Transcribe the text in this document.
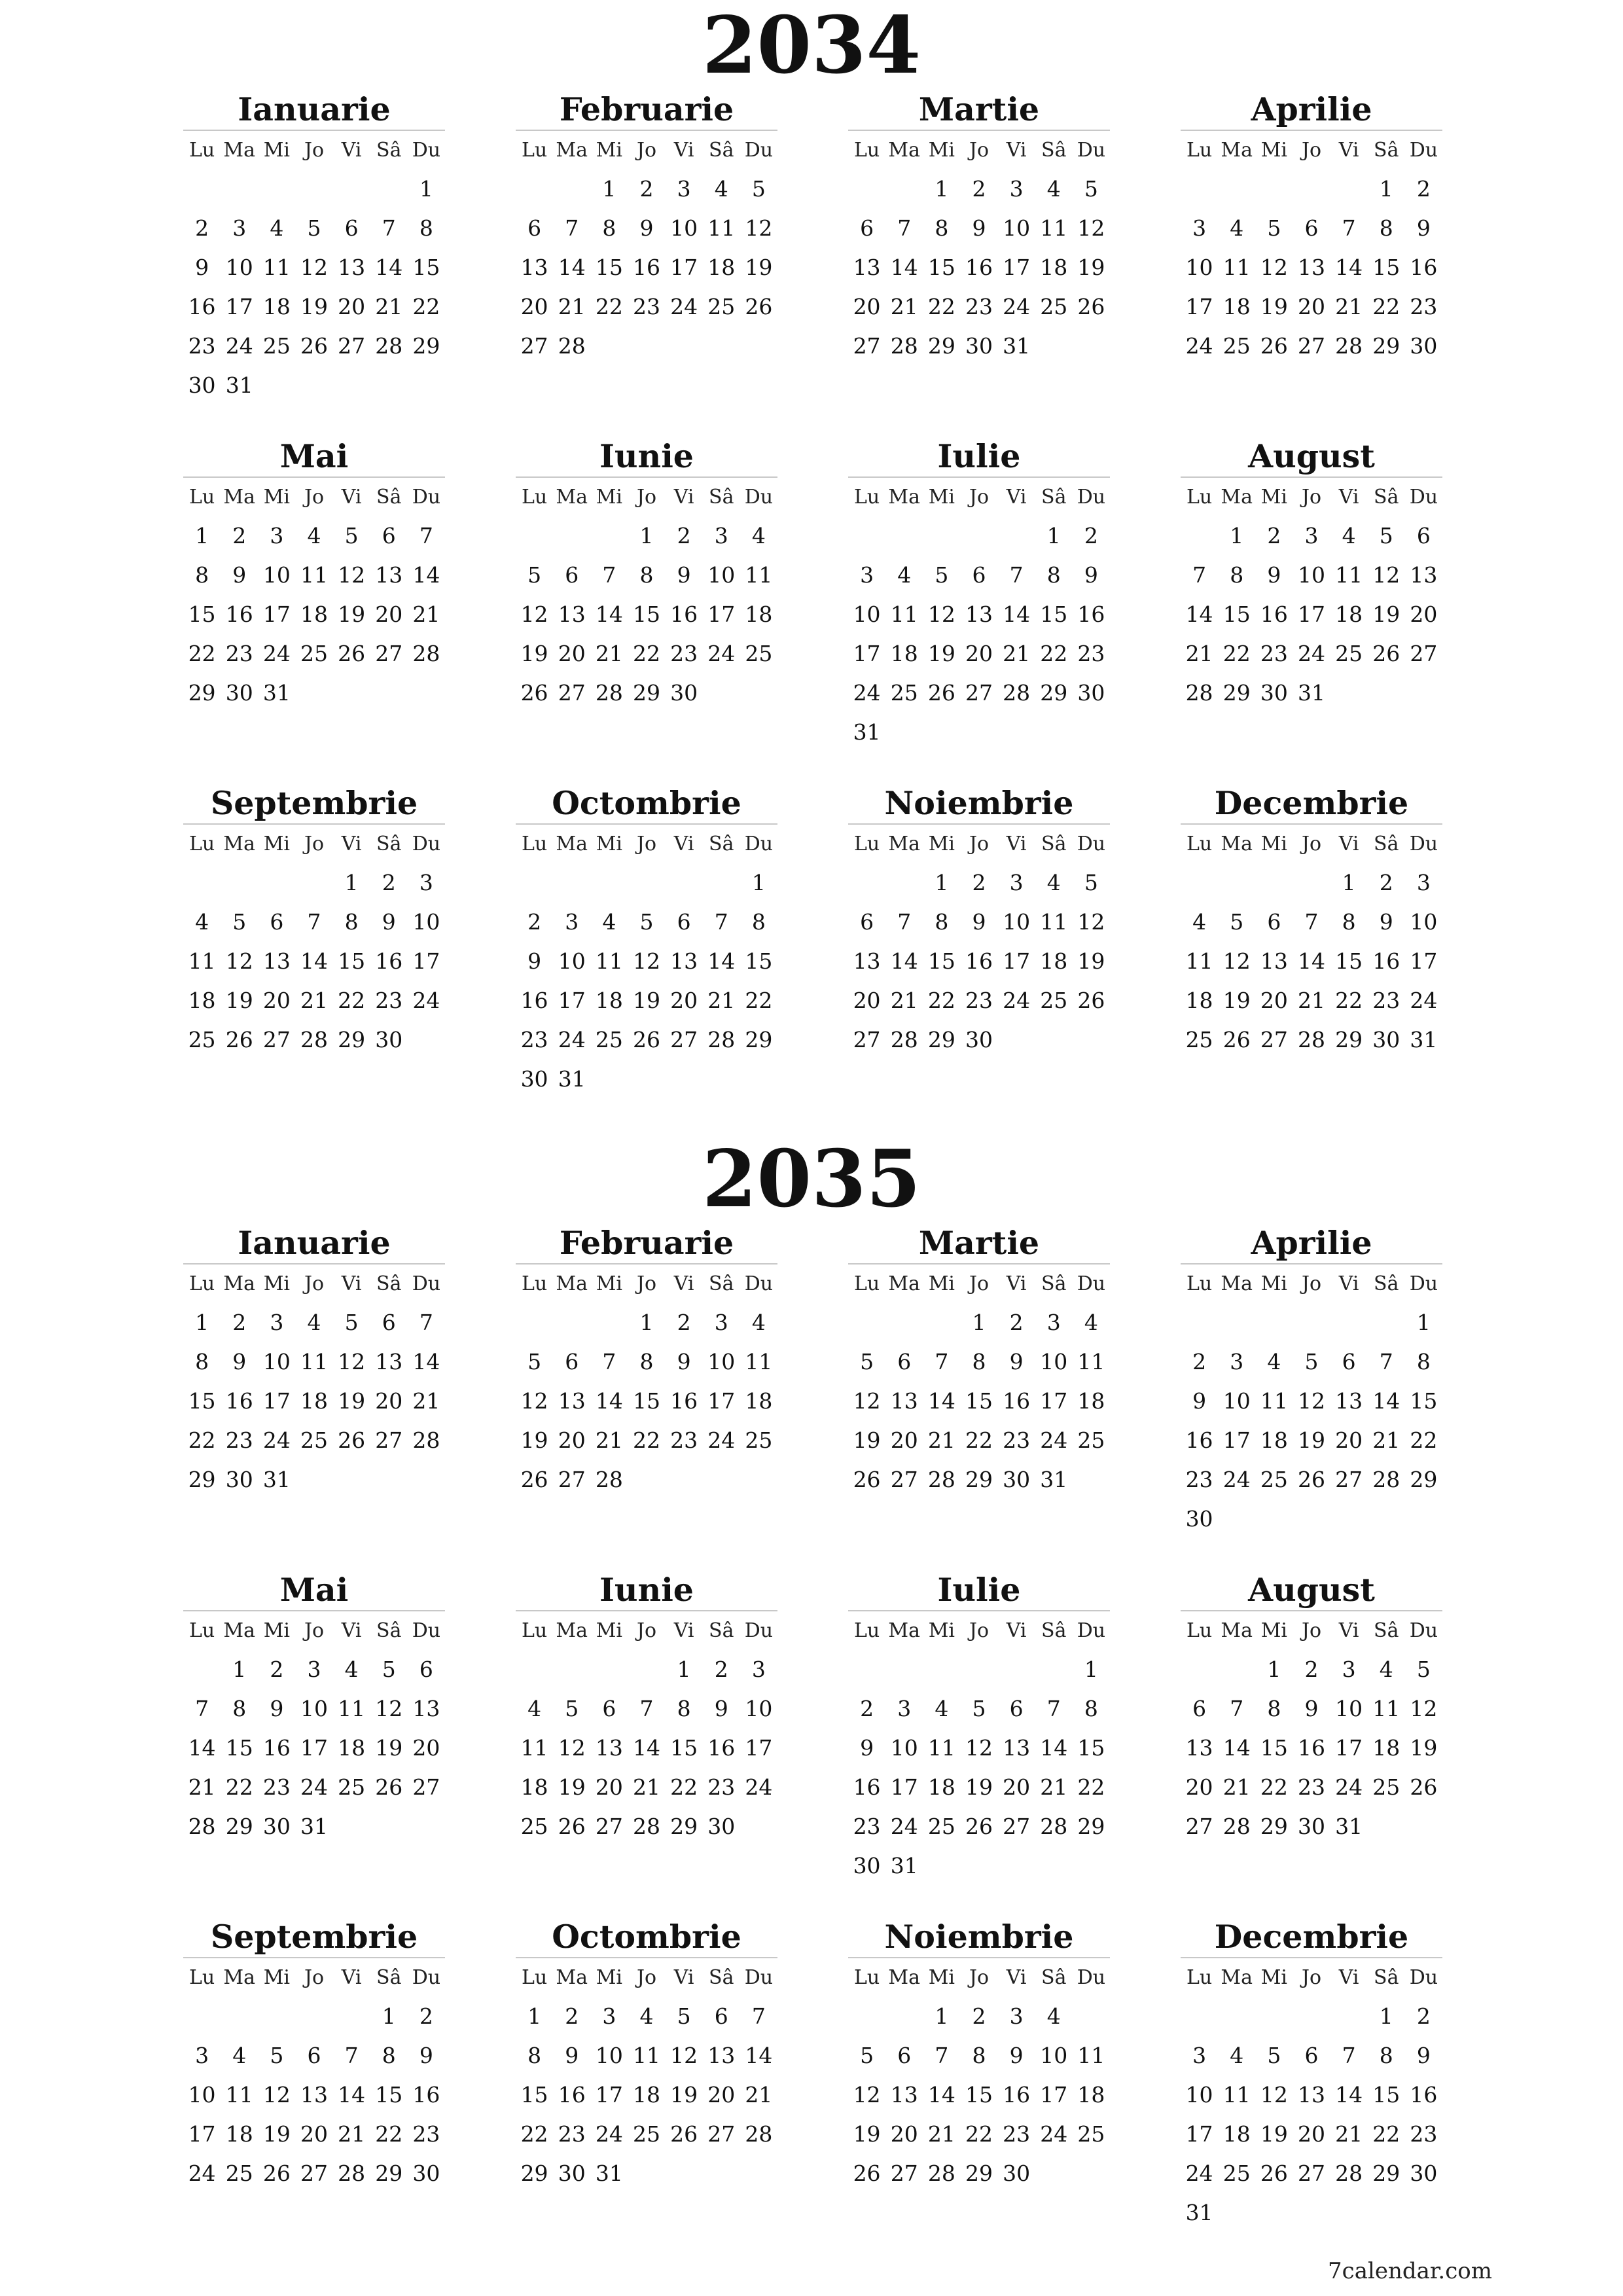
2034
Ianuarie
Lu	Ma	Mi	Jo	Vi	Sâ	Du
						1
2	3	4	5	6	7	8
9	10	11	12	13	14	15
16	17	18	19	20	21	22
23	24	25	26	27	28	29
30	31					
Februarie
Lu	Ma	Mi	Jo	Vi	Sâ	Du
		1	2	3	4	5
6	7	8	9	10	11	12
13	14	15	16	17	18	19
20	21	22	23	24	25	26
27	28					
Martie
Lu	Ma	Mi	Jo	Vi	Sâ	Du
		1	2	3	4	5
6	7	8	9	10	11	12
13	14	15	16	17	18	19
20	21	22	23	24	25	26
27	28	29	30	31		
Aprilie
Lu	Ma	Mi	Jo	Vi	Sâ	Du
					1	2
3	4	5	6	7	8	9
10	11	12	13	14	15	16
17	18	19	20	21	22	23
24	25	26	27	28	29	30
Mai
Lu	Ma	Mi	Jo	Vi	Sâ	Du
1	2	3	4	5	6	7
8	9	10	11	12	13	14
15	16	17	18	19	20	21
22	23	24	25	26	27	28
29	30	31				
Iunie
Lu	Ma	Mi	Jo	Vi	Sâ	Du
			1	2	3	4
5	6	7	8	9	10	11
12	13	14	15	16	17	18
19	20	21	22	23	24	25
26	27	28	29	30		
Iulie
Lu	Ma	Mi	Jo	Vi	Sâ	Du
					1	2
3	4	5	6	7	8	9
10	11	12	13	14	15	16
17	18	19	20	21	22	23
24	25	26	27	28	29	30
31						
August
Lu	Ma	Mi	Jo	Vi	Sâ	Du
	1	2	3	4	5	6
7	8	9	10	11	12	13
14	15	16	17	18	19	20
21	22	23	24	25	26	27
28	29	30	31			
Septembrie
Lu	Ma	Mi	Jo	Vi	Sâ	Du
				1	2	3
4	5	6	7	8	9	10
11	12	13	14	15	16	17
18	19	20	21	22	23	24
25	26	27	28	29	30	
Octombrie
Lu	Ma	Mi	Jo	Vi	Sâ	Du
						1
2	3	4	5	6	7	8
9	10	11	12	13	14	15
16	17	18	19	20	21	22
23	24	25	26	27	28	29
30	31					
Noiembrie
Lu	Ma	Mi	Jo	Vi	Sâ	Du
		1	2	3	4	5
6	7	8	9	10	11	12
13	14	15	16	17	18	19
20	21	22	23	24	25	26
27	28	29	30			
Decembrie
Lu	Ma	Mi	Jo	Vi	Sâ	Du
				1	2	3
4	5	6	7	8	9	10
11	12	13	14	15	16	17
18	19	20	21	22	23	24
25	26	27	28	29	30	31
2035
Ianuarie
Lu	Ma	Mi	Jo	Vi	Sâ	Du
1	2	3	4	5	6	7
8	9	10	11	12	13	14
15	16	17	18	19	20	21
22	23	24	25	26	27	28
29	30	31				
Februarie
Lu	Ma	Mi	Jo	Vi	Sâ	Du
			1	2	3	4
5	6	7	8	9	10	11
12	13	14	15	16	17	18
19	20	21	22	23	24	25
26	27	28				
Martie
Lu	Ma	Mi	Jo	Vi	Sâ	Du
			1	2	3	4
5	6	7	8	9	10	11
12	13	14	15	16	17	18
19	20	21	22	23	24	25
26	27	28	29	30	31	
Aprilie
Lu	Ma	Mi	Jo	Vi	Sâ	Du
						1
2	3	4	5	6	7	8
9	10	11	12	13	14	15
16	17	18	19	20	21	22
23	24	25	26	27	28	29
30						
Mai
Lu	Ma	Mi	Jo	Vi	Sâ	Du
	1	2	3	4	5	6
7	8	9	10	11	12	13
14	15	16	17	18	19	20
21	22	23	24	25	26	27
28	29	30	31			
Iunie
Lu	Ma	Mi	Jo	Vi	Sâ	Du
				1	2	3
4	5	6	7	8	9	10
11	12	13	14	15	16	17
18	19	20	21	22	23	24
25	26	27	28	29	30	
Iulie
Lu	Ma	Mi	Jo	Vi	Sâ	Du
						1
2	3	4	5	6	7	8
9	10	11	12	13	14	15
16	17	18	19	20	21	22
23	24	25	26	27	28	29
30	31					
August
Lu	Ma	Mi	Jo	Vi	Sâ	Du
		1	2	3	4	5
6	7	8	9	10	11	12
13	14	15	16	17	18	19
20	21	22	23	24	25	26
27	28	29	30	31		
Septembrie
Lu	Ma	Mi	Jo	Vi	Sâ	Du
					1	2
3	4	5	6	7	8	9
10	11	12	13	14	15	16
17	18	19	20	21	22	23
24	25	26	27	28	29	30
Octombrie
Lu	Ma	Mi	Jo	Vi	Sâ	Du
1	2	3	4	5	6	7
8	9	10	11	12	13	14
15	16	17	18	19	20	21
22	23	24	25	26	27	28
29	30	31				
Noiembrie
Lu	Ma	Mi	Jo	Vi	Sâ	Du
		1	2	3	4	
5	6	7	8	9	10	11
12	13	14	15	16	17	18
19	20	21	22	23	24	25
26	27	28	29	30		
Decembrie
Lu	Ma	Mi	Jo	Vi	Sâ	Du
					1	2
3	4	5	6	7	8	9
10	11	12	13	14	15	16
17	18	19	20	21	22	23
24	25	26	27	28	29	30
31						
7calendar.com
